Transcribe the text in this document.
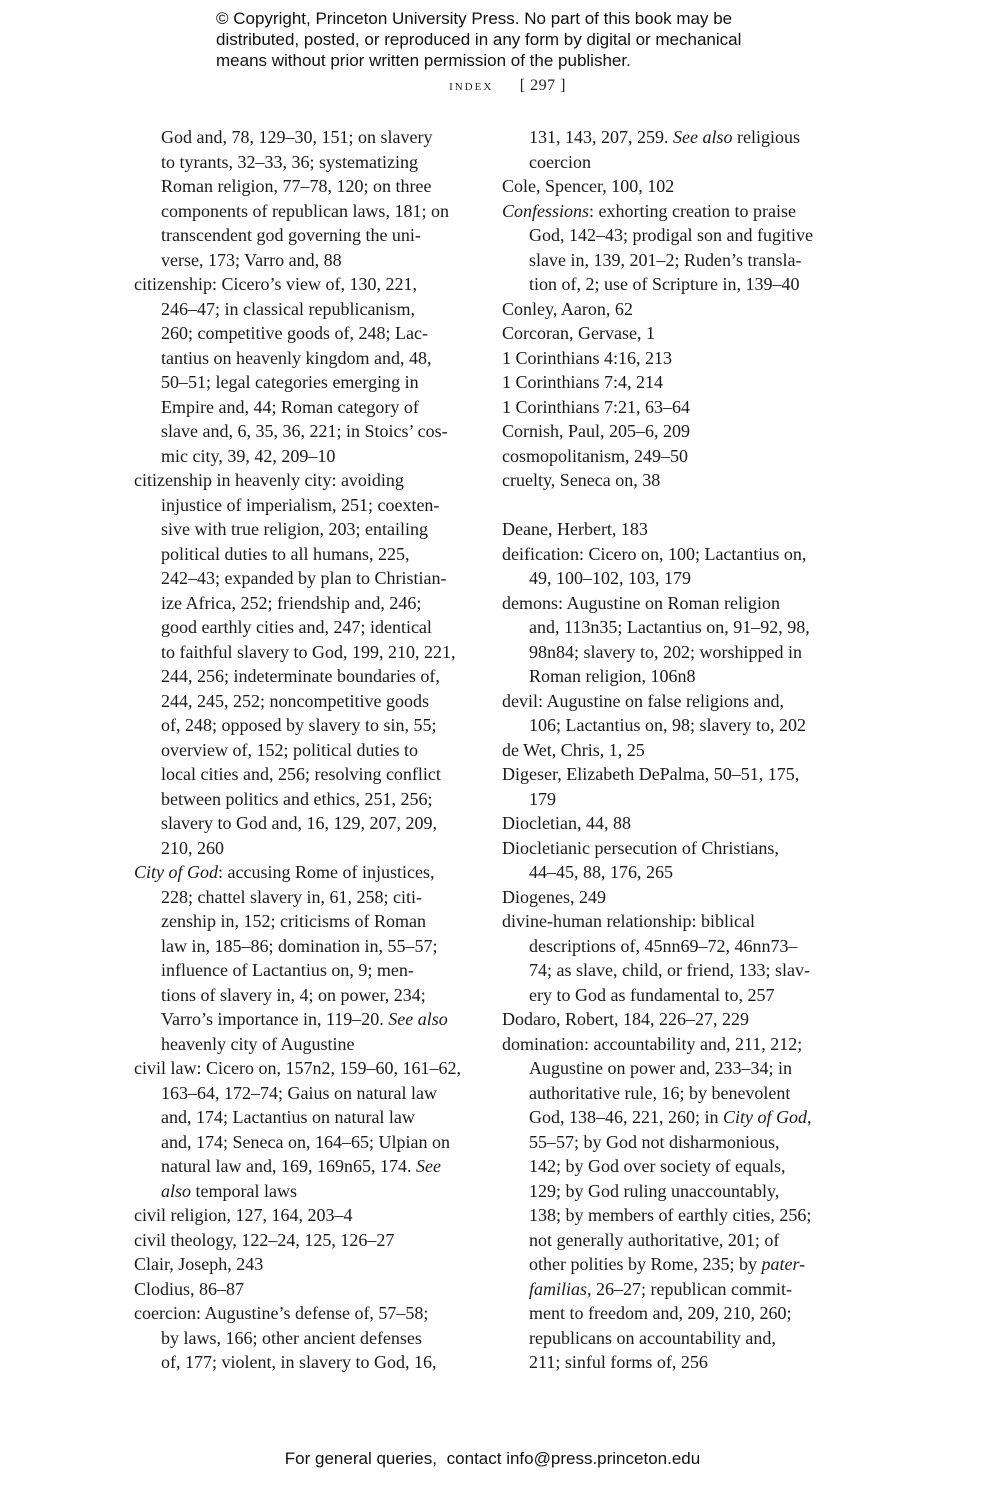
© Copyright, Princeton University Press. No part of this book may be
distributed, posted, or reproduced in any form by digital or mechanical
means without prior written permission of the publisher.
index [ 297 ]
God and, 78, 129–30, 151; on slavery
to tyrants, 32–33, 36; systematizing
Roman religion, 77–78, 120; on three
components of republican laws, 181; on
transcendent god governing the uni-
verse, 173; Varro and, 88
citizenship: Cicero’s view of, 130, 221,
246–47; in classical republicanism,
260; competitive goods of, 248; Lac-
tantius on heavenly kingdom and, 48,
50–51; legal categories emerging in
Empire and, 44; Roman category of
slave and, 6, 35, 36, 221; in Stoics’ cos-
mic city, 39, 42, 209–10
citizenship in heavenly city: avoiding
injustice of imperialism, 251; coexten-
sive with true religion, 203; entailing
political duties to all humans, 225,
242–43; expanded by plan to Christian-
ize Africa, 252; friendship and, 246;
good earthly cities and, 247; identical
to faithful slavery to God, 199, 210, 221,
244, 256; indeterminate boundaries of,
244, 245, 252; noncompetitive goods
of, 248; opposed by slavery to sin, 55;
overview of, 152; political duties to
local cities and, 256; resolving conflict
between politics and ethics, 251, 256;
slavery to God and, 16, 129, 207, 209,
210, 260
City of God: accusing Rome of injustices,
228; chattel slavery in, 61, 258; citi-
zenship in, 152; criticisms of Roman
law in, 185–86; domination in, 55–57;
influence of Lactantius on, 9; men-
tions of slavery in, 4; on power, 234;
Varro’s importance in, 119–20. See also
heavenly city of Augustine
civil law: Cicero on, 157n2, 159–60, 161–62,
163–64, 172–74; Gaius on natural law
and, 174; Lactantius on natural law
and, 174; Seneca on, 164–65; Ulpian on
natural law and, 169, 169n65, 174. See
also temporal laws
civil religion, 127, 164, 203–4
civil theology, 122–24, 125, 126–27
Clair, Joseph, 243
Clodius, 86–87
coercion: Augustine’s defense of, 57–58;
by laws, 166; other ancient defenses
of, 177; violent, in slavery to God, 16,
131, 143, 207, 259. See also religious
coercion
Cole, Spencer, 100, 102
Confessions: exhorting creation to praise
God, 142–43; prodigal son and fugitive
slave in, 139, 201–2; Ruden’s transla-
tion of, 2; use of Scripture in, 139–40
Conley, Aaron, 62
Corcoran, Gervase, 1
1 Corinthians 4:16, 213
1 Corinthians 7:4, 214
1 Corinthians 7:21, 63–64
Cornish, Paul, 205–6, 209
cosmopolitanism, 249–50
cruelty, Seneca on, 38
Deane, Herbert, 183
deification: Cicero on, 100; Lactantius on,
49, 100–102, 103, 179
demons: Augustine on Roman religion
and, 113n35; Lactantius on, 91–92, 98,
98n84; slavery to, 202; worshipped in
Roman religion, 106n8
devil: Augustine on false religions and,
106; Lactantius on, 98; slavery to, 202
de Wet, Chris, 1, 25
Digeser, Elizabeth DePalma, 50–51, 175,
179
Diocletian, 44, 88
Diocletianic persecution of Christians,
44–45, 88, 176, 265
Diogenes, 249
divine-human relationship: biblical
descriptions of, 45nn69–72, 46nn73–
74; as slave, child, or friend, 133; slav-
ery to God as fundamental to, 257
Dodaro, Robert, 184, 226–27, 229
domination: accountability and, 211, 212;
Augustine on power and, 233–34; in
authoritative rule, 16; by benevolent
God, 138–46, 221, 260; in City of God,
55–57; by God not disharmonious,
142; by God over society of equals,
129; by God ruling unaccountably,
138; by members of earthly cities, 256;
not generally authoritative, 201; of
other polities by Rome, 235; by pater-
familias, 26–27; republican commit-
ment to freedom and, 209, 210, 260;
republicans on accountability and,
211; sinful forms of, 256
For general queries, contact info@press.princeton.edu
